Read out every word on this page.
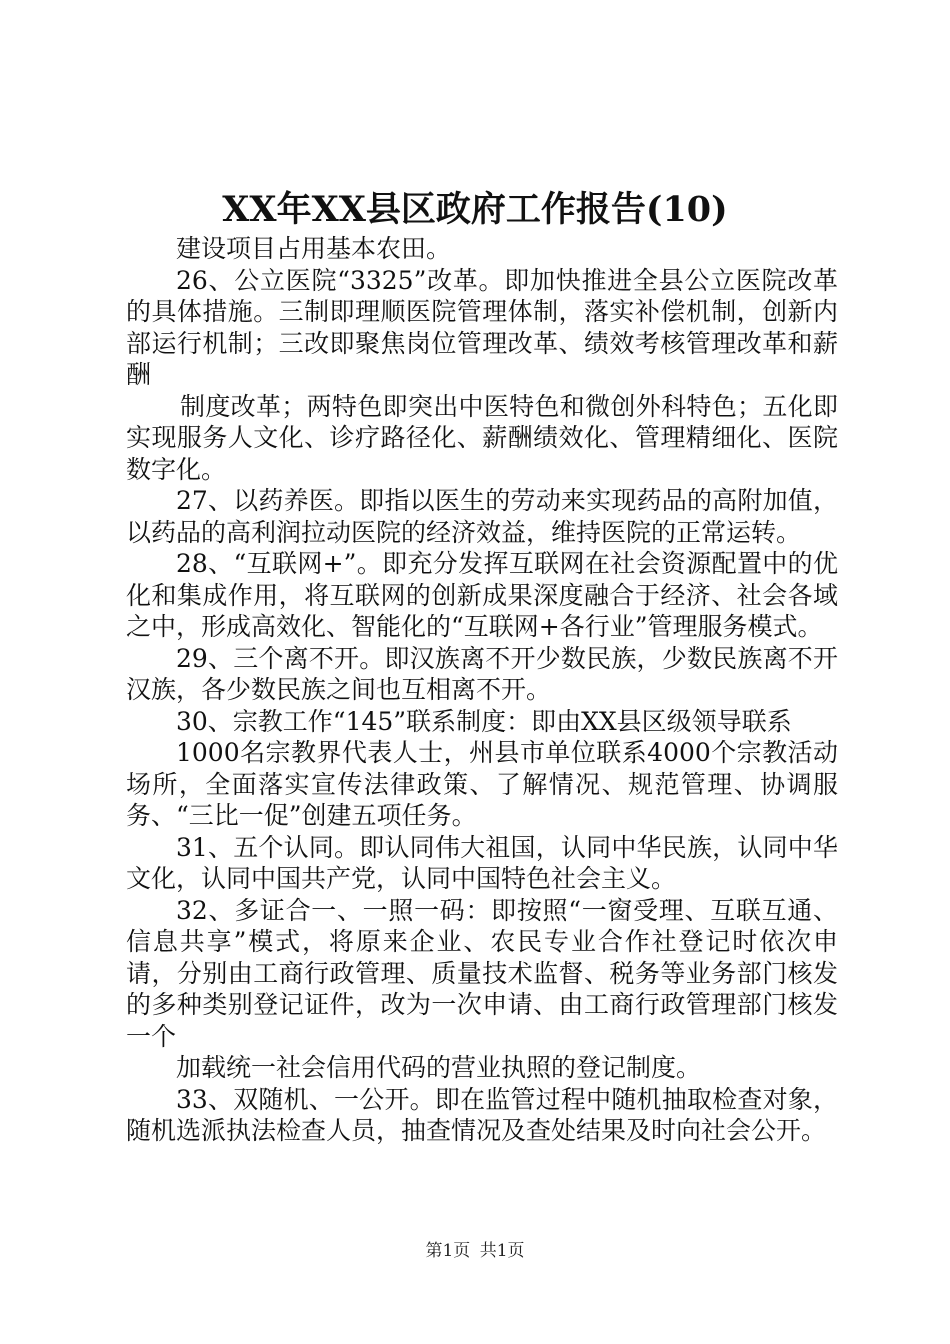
XX年XX县区政府工作报告(10)

建设项目占用基本农田。

26、公立医院“3325”改革。即加快推进全县公立医院改革的具体措施。三制即理顺医院管理体制，落实补偿机制，创新内部运行机制；三改即聚焦岗位管理改革、绩效考核管理改革和薪酬

制度改革；两特色即突出中医特色和微创外科特色；五化即实现服务人文化、诊疗路径化、薪酬绩效化、管理精细化、医院数字化。

27、以药养医。即指以医生的劳动来实现药品的高附加值，以药品的高利润拉动医院的经济效益，维持医院的正常运转。

28、“互联网+”。即充分发挥互联网在社会资源配置中的优化和集成作用，将互联网的创新成果深度融合于经济、社会各域之中，形成高效化、智能化的“互联网+各行业”管理服务模式。

29、三个离不开。即汉族离不开少数民族，少数民族离不开汉族，各少数民族之间也互相离不开。

30、宗教工作“145”联系制度：即由XX县区级领导联系

1000名宗教界代表人士，州县市单位联系4000个宗教活动场所，全面落实宣传法律政策、了解情况、规范管理、协调服务、“三比一促”创建五项任务。

31、五个认同。即认同伟大祖国，认同中华民族，认同中华文化，认同中国共产党，认同中国特色社会主义。

32、多证合一、一照一码：即按照“一窗受理、互联互通、信息共享”模式，将原来企业、农民专业合作社登记时依次申请，分别由工商行政管理、质量技术监督、税务等业务部门核发的多种类别登记证件，改为一次申请、由工商行政管理部门核发一个

加载统一社会信用代码的营业执照的登记制度。

33、双随机、一公开。即在监管过程中随机抽取检查对象，随机选派执法检查人员，抽查情况及查处结果及时向社会公开。

第1页 共1页
